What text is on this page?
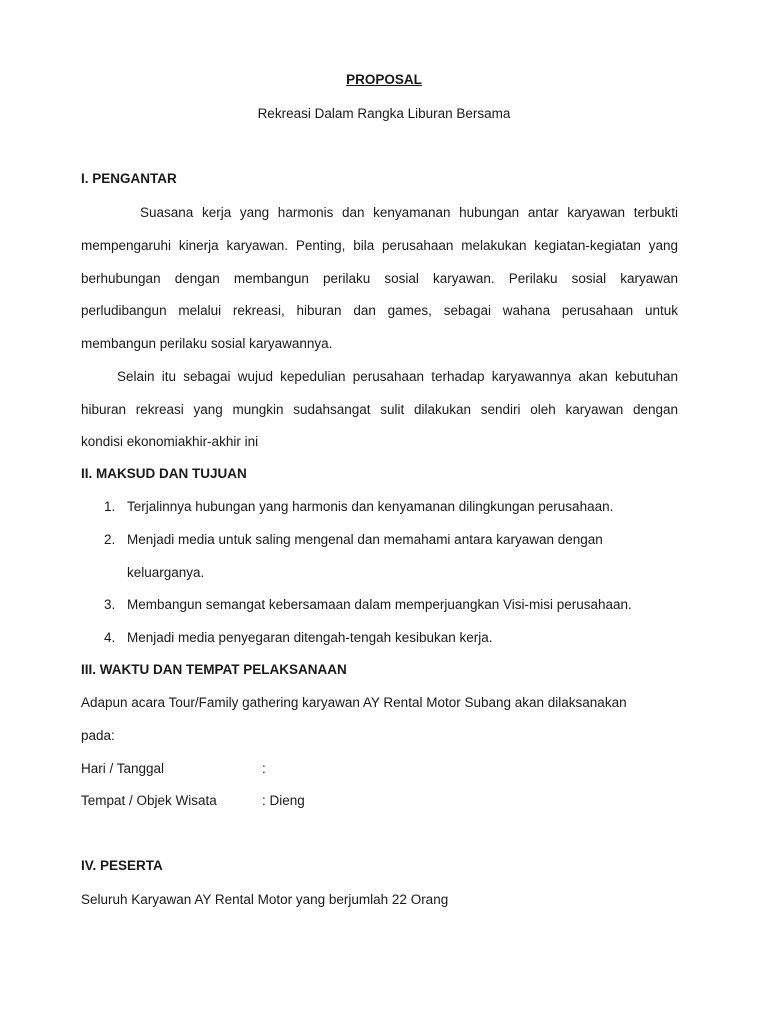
PROPOSAL
Rekreasi Dalam Rangka Liburan Bersama
I. PENGANTAR
Suasana kerja yang harmonis dan kenyamanan hubungan antar karyawan terbukti
mempengaruhi kinerja karyawan. Penting, bila perusahaan melakukan kegiatan-kegiatan yang
berhubungan dengan membangun perilaku sosial karyawan. Perilaku sosial karyawan
perludibangun melalui rekreasi, hiburan dan games, sebagai wahana perusahaan untuk
membangun perilaku sosial karyawannya.
Selain itu sebagai wujud kepedulian perusahaan terhadap karyawannya akan kebutuhan
hiburan rekreasi yang mungkin sudahsangat sulit dilakukan sendiri oleh karyawan dengan
kondisi ekonomiakhir-akhir ini
II. MAKSUD DAN TUJUAN
1. Terjalinnya hubungan yang harmonis dan kenyamanan dilingkungan perusahaan.
2. Menjadi media untuk saling mengenal dan memahami antara karyawan dengan
keluarganya.
3. Membangun semangat kebersamaan dalam memperjuangkan Visi-misi perusahaan.
4. Menjadi media penyegaran ditengah-tengah kesibukan kerja.
III. WAKTU DAN TEMPAT PELAKSANAAN
Adapun acara Tour/Family gathering karyawan AY Rental Motor Subang akan dilaksanakan
pada:
Hari / Tanggal	:
Tempat / Objek Wisata	: Dieng
IV. PESERTA
Seluruh Karyawan AY Rental Motor yang berjumlah 22 Orang
